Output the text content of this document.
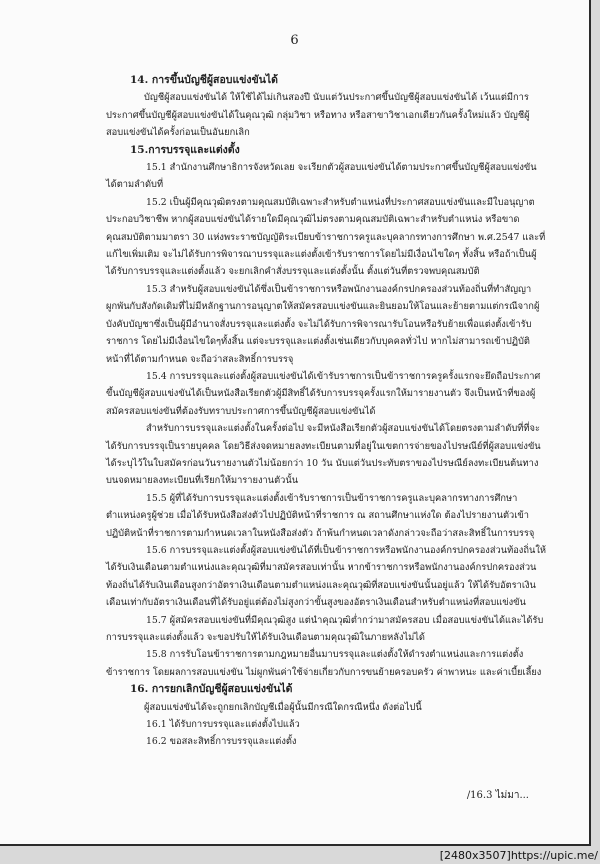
6

14. การขึ้นบัญชีผู้สอบแข่งขันได้

บัญชีผู้สอบแข่งขันได้ ให้ใช้ได้ไม่เกินสองปี นับแต่วันประกาศขึ้นบัญชีผู้สอบแข่งขันได้ เว้นแต่มีการประกาศขึ้นบัญชีผู้สอบแข่งขันได้ในคุณวุฒิ กลุ่มวิชา หรือทาง หรือสาขาวิชาเอกเดียวกันครั้งใหม่แล้ว บัญชีผู้สอบแข่งขันได้ครั้งก่อนเป็นอันยกเลิก

15.การบรรจุและแต่งตั้ง

15.1 สำนักงานศึกษาธิการจังหวัดเลย จะเรียกตัวผู้สอบแข่งขันได้ตามประกาศขึ้นบัญชีผู้สอบแข่งขันได้ตามลำดับที่

15.2 เป็นผู้มีคุณวุฒิตรงตามคุณสมบัติเฉพาะสำหรับตำแหน่งที่ประกาศสอบแข่งขันและมีใบอนุญาตประกอบวิชาชีพ หากผู้สอบแข่งขันได้รายใดมีคุณวุฒิไม่ตรงตามคุณสมบัติเฉพาะสำหรับตำแหน่ง หรือขาดคุณสมบัติตามมาตรา 30 แห่งพระราชบัญญัติระเบียบข้าราชการครูและบุคลากรทางการศึกษา พ.ศ.2547 และที่แก้ไขเพิ่มเติม จะไม่ได้รับการพิจารณาบรรจุและแต่งตั้งเข้ารับราชการโดยไม่มีเงื่อนไขใดๆ ทั้งสิ้น หรือถ้าเป็นผู้ได้รับการบรรจุและแต่งตั้งแล้ว จะยกเลิกคำสั่งบรรจุและแต่งตั้งนั้น ตั้งแต่วันที่ตรวจพบคุณสมบัติ

15.3 สำหรับผู้สอบแข่งขันได้ซึ่งเป็นข้าราชการหรือพนักงานองค์กรปกครองส่วนท้องถิ่นที่ทำสัญญาผูกพันกับสังกัดเดิมที่ไม่มีหลักฐานการอนุญาตให้สมัครสอบแข่งขันและยินยอมให้โอนและย้ายตามแต่กรณีจากผู้บังคับบัญชาซึ่งเป็นผู้มีอำนาจสั่งบรรจุและแต่งตั้ง จะไม่ได้รับการพิจารณารับโอนหรือรับย้ายเพื่อแต่งตั้งเข้ารับราชการ โดยไม่มีเงื่อนไขใดๆทั้งสิ้น แต่จะบรรจุและแต่งตั้งเช่นเดียวกับบุคคลทั่วไป หากไม่สามารถเข้าปฏิบัติหน้าที่ได้ตามกำหนด จะถือว่าสละสิทธิ์การบรรจุ

15.4 การบรรจุและแต่งตั้งผู้สอบแข่งขันได้เข้ารับราชการเป็นข้าราชการครูครั้งแรกจะยึดถือประกาศขึ้นบัญชีผู้สอบแข่งขันได้เป็นหนังสือเรียกตัวผู้มีสิทธิ์ได้รับการบรรจุครั้งแรกให้มารายงานตัว จึงเป็นหน้าที่ของผู้สมัครสอบแข่งขันที่ต้องรับทราบประกาศการขึ้นบัญชีผู้สอบแข่งขันได้

สำหรับการบรรจุและแต่งตั้งในครั้งต่อไป จะมีหนังสือเรียกตัวผู้สอบแข่งขันได้โดยตรงตามลำดับที่ที่จะได้รับการบรรจุเป็นรายบุคคล โดยวิธีส่งจดหมายลงทะเบียนตามที่อยู่ในเขตการจ่ายของไปรษณีย์ที่ผู้สอบแข่งขันได้ระบุไว้ในใบสมัครก่อนวันรายงานตัวไม่น้อยกว่า 10 วัน นับแต่วันประทับตราของไปรษณีย์ลงทะเบียนต้นทางบนจดหมายลงทะเบียนที่เรียกให้มารายงานตัวนั้น

15.5 ผู้ที่ได้รับการบรรจุและแต่งตั้งเข้ารับราชการเป็นข้าราชการครูและบุคลากรทางการศึกษาตำแหน่งครูผู้ช่วย เมื่อได้รับหนังสือส่งตัวไปปฏิบัติหน้าที่ราชการ ณ สถานศึกษาแห่งใด ต้องไปรายงานตัวเข้าปฏิบัติหน้าที่ราชการตามกำหนดเวลาในหนังสือส่งตัว ถ้าพ้นกำหนดเวลาดังกล่าวจะถือว่าสละสิทธิ์ในการบรรจุ

15.6 การบรรจุและแต่งตั้งผู้สอบแข่งขันได้ที่เป็นข้าราชการหรือพนักงานองค์กรปกครองส่วนท้องถิ่นให้ได้รับเงินเดือนตามตำแหน่งและคุณวุฒิที่มาสมัครสอบเท่านั้น หากข้าราชการหรือพนักงานองค์กรปกครองส่วนท้องถิ่นได้รับเงินเดือนสูงกว่าอัตราเงินเดือนตามตำแหน่งและคุณวุฒิที่สอบแข่งขันนั้นอยู่แล้ว ให้ได้รับอัตราเงินเดือนเท่ากับอัตราเงินเดือนที่ได้รับอยู่แต่ต้องไม่สูงกว่าขั้นสูงของอัตราเงินเดือนสำหรับตำแหน่งที่สอบแข่งขัน

15.7 ผู้สมัครสอบแข่งขันที่มีคุณวุฒิสูง แต่นำคุณวุฒิต่ำกว่ามาสมัครสอบ เมื่อสอบแข่งขันได้และได้รับการบรรจุและแต่งตั้งแล้ว จะขอปรับให้ได้รับเงินเดือนตามคุณวุฒิในภายหลังไม่ได้

15.8 การรับโอนข้าราชการตามกฎหมายอื่นมาบรรจุและแต่งตั้งให้ดำรงตำแหน่งและการแต่งตั้งข้าราชการ โดยผลการสอบแข่งขัน ไม่ผูกพันค่าใช้จ่ายเกี่ยวกับการขนย้ายครอบครัว ค่าพาหนะ และค่าเบี้ยเลี้ยง

16. การยกเลิกบัญชีผู้สอบแข่งขันได้

ผู้สอบแข่งขันได้จะถูกยกเลิกบัญชีเมื่อผู้นั้นมีกรณีใดกรณีหนึ่ง ดังต่อไปนี้

16.1 ได้รับการบรรจุและแต่งตั้งไปแล้ว

16.2 ขอสละสิทธิ์การบรรจุและแต่งตั้ง

/16.3 ไม่มา...
[2480x3507]https://upic.me/
